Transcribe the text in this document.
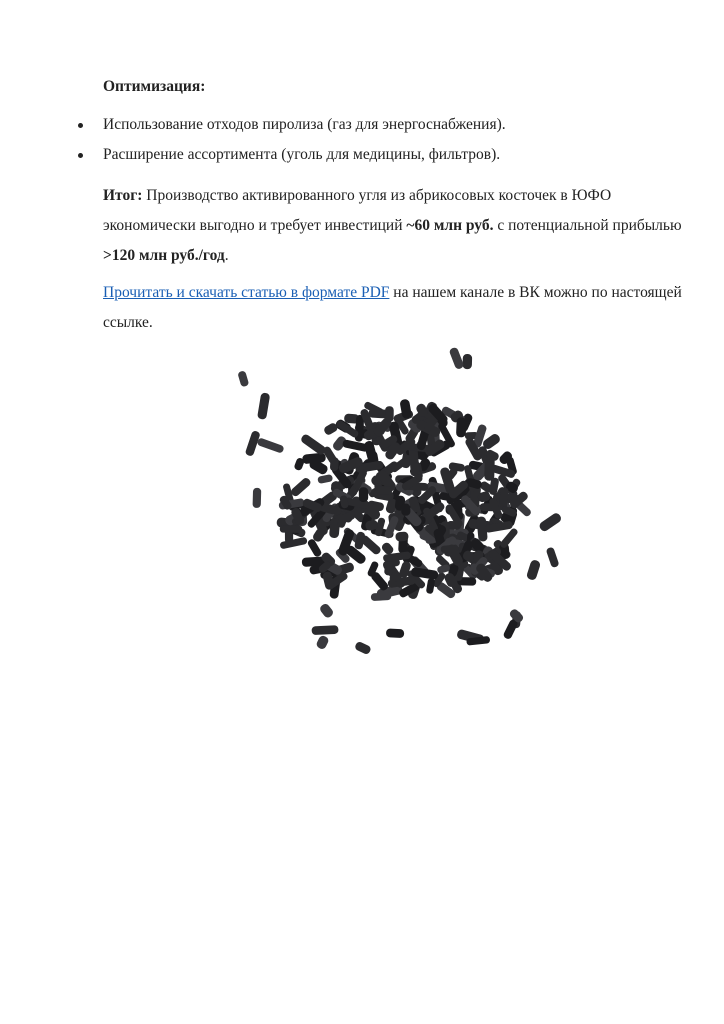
Оптимизация:

Использование отходов пиролиза (газ для энергоснабжения).
Расширение ассортимента (уголь для медицины, фильтров).

Итог: Производство активированного угля из абрикосовых косточек в ЮФО
экономически выгодно и требует инвестиций ~60 млн руб. с потенциальной прибылью
>120 млн руб./год.

Прочитать и скачать статью в формате PDF на нашем канале в ВК можно по настоящей
ссылке.
